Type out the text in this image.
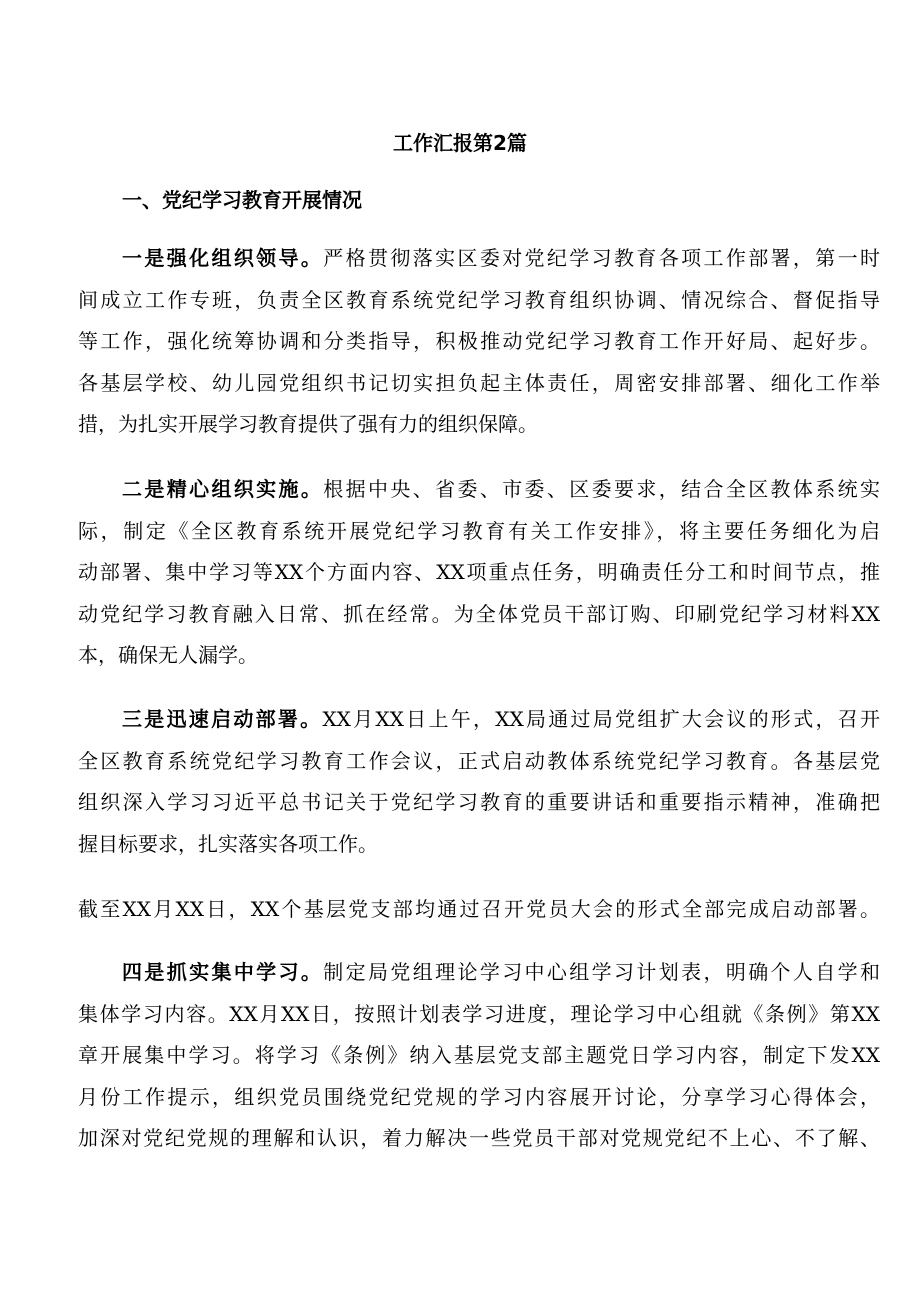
工作汇报第2篇
一、党纪学习教育开展情况
一是强化组织领导。严格贯彻落实区委对党纪学习教育各项工作部署，第一时
间成立工作专班，负责全区教育系统党纪学习教育组织协调、情况综合、督促指导
等工作，强化统筹协调和分类指导，积极推动党纪学习教育工作开好局、起好步。
各基层学校、幼儿园党组织书记切实担负起主体责任，周密安排部署、细化工作举
措，为扎实开展学习教育提供了强有力的组织保障。
二是精心组织实施。根据中央、省委、市委、区委要求，结合全区教体系统实
际，制定《全区教育系统开展党纪学习教育有关工作安排》，将主要任务细化为启
动部署、集中学习等XX个方面内容、XX项重点任务，明确责任分工和时间节点，推
动党纪学习教育融入日常、抓在经常。为全体党员干部订购、印刷党纪学习材料XX
本，确保无人漏学。
三是迅速启动部署。XX月XX日上午，XX局通过局党组扩大会议的形式，召开
全区教育系统党纪学习教育工作会议，正式启动教体系统党纪学习教育。各基层党
组织深入学习习近平总书记关于党纪学习教育的重要讲话和重要指示精神，准确把
握目标要求，扎实落实各项工作。
截至XX月XX日，XX个基层党支部均通过召开党员大会的形式全部完成启动部署。
四是抓实集中学习。制定局党组理论学习中心组学习计划表，明确个人自学和
集体学习内容。XX月XX日，按照计划表学习进度，理论学习中心组就《条例》第XX
章开展集中学习。将学习《条例》纳入基层党支部主题党日学习内容，制定下发XX
月份工作提示，组织党员围绕党纪党规的学习内容展开讨论，分享学习心得体会，
加深对党纪党规的理解和认识，着力解决一些党员干部对党规党纪不上心、不了解、
